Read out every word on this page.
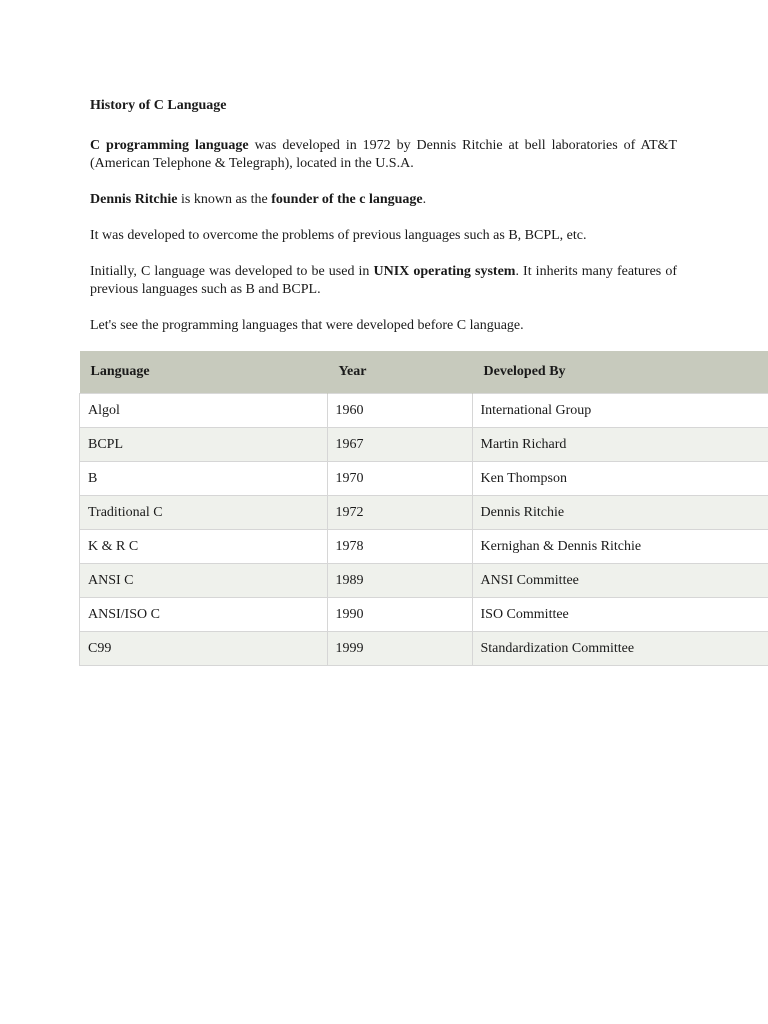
History of C Language

C programming language was developed in 1972 by Dennis Ritchie at bell laboratories of AT&T (American Telephone & Telegraph), located in the U.S.A.

Dennis Ritchie is known as the founder of the c language.

It was developed to overcome the problems of previous languages such as B, BCPL, etc.

Initially, C language was developed to be used in UNIX operating system. It inherits many features of previous languages such as B and BCPL.

Let's see the programming languages that were developed before C language.

Language	Year	Developed By
Algol	1960	International Group
BCPL	1967	Martin Richard
B	1970	Ken Thompson
Traditional C	1972	Dennis Ritchie
K & R C	1978	Kernighan & Dennis Ritchie
ANSI C	1989	ANSI Committee
ANSI/ISO C	1990	ISO Committee
C99	1999	Standardization Committee
